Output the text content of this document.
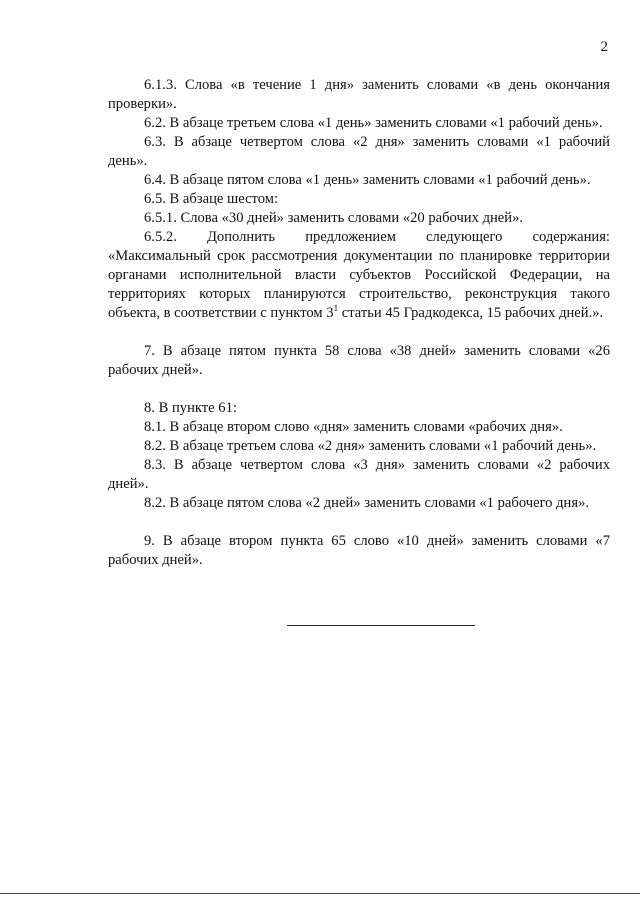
2

6.1.3. Слова «в течение 1 дня» заменить словами «в день окончания проверки».

6.2. В абзаце третьем слова «1 день» заменить словами «1 рабочий день».

6.3. В абзаце четвертом слова «2 дня» заменить словами «1 рабочий день».

6.4. В абзаце пятом слова «1 день» заменить словами «1 рабочий день».

6.5. В абзаце шестом:

6.5.1. Слова «30 дней» заменить словами «20 рабочих дней».

6.5.2. Дополнить предложением следующего содержания: «Максимальный срок рассмотрения документации по планировке территории органами исполнительной власти субъектов Российской Федерации, на территориях которых планируются строительство, реконструкция такого объекта, в соответствии с пунктом $3^1$ статьи 45 Градкодекса, 15 рабочих дней.».

7. В абзаце пятом пункта 58 слова «38 дней» заменить словами «26 рабочих дней».

8. В пункте 61:

8.1. В абзаце втором слово «дня» заменить словами «рабочих дня».

8.2. В абзаце третьем слова «2 дня» заменить словами «1 рабочий день».

8.3. В абзаце четвертом слова «3 дня» заменить словами «2 рабочих дней».

8.2. В абзаце пятом слова «2 дней» заменить словами «1 рабочего дня».

9. В абзаце втором пункта 65 слово «10 дней» заменить словами «7 рабочих дней».
